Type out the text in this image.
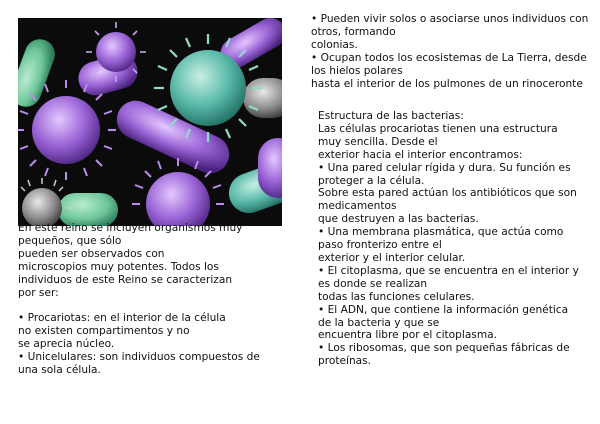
En este reino se incluyen organismos muy
pequeños, que sólo
pueden ser observados con
microscopios muy potentes. Todos los
individuos de este Reino se caracterizan
por ser:
• Procariotas: en el interior de la célula
no existen compartimentos y no
se aprecia núcleo.
• Unicelulares: son individuos compuestos de
una sola célula.
• Pueden vivir solos o asociarse unos individuos con
otros, formando
colonias.
• Ocupan todos los ecosistemas de La Tierra, desde
los hielos polares
hasta el interior de los pulmones de un rinoceronte
Estructura de las bacterias:
Las células procariotas tienen una estructura
muy sencilla. Desde el
exterior hacia el interior encontramos:
• Una pared celular rígida y dura. Su función es
proteger a la célula.
Sobre esta pared actúan los antibióticos que son
medicamentos
que destruyen a las bacterias.
• Una membrana plasmática, que actúa como
paso fronterizo entre el
exterior y el interior celular.
• El citoplasma, que se encuentra en el interior y
es donde se realizan
todas las funciones celulares.
• El ADN, que contiene la información genética
de la bacteria y que se
encuentra libre por el citoplasma.
• Los ribosomas, que son pequeñas fábricas de
proteínas.
